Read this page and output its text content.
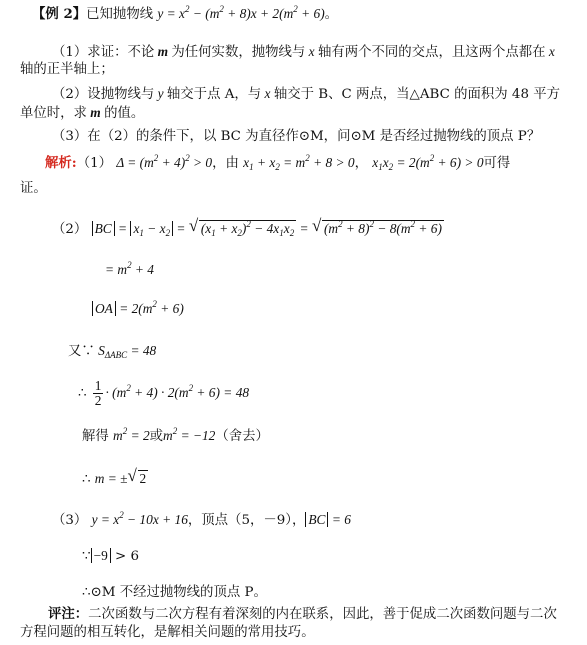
【例 2】已知抛物线 $y = x^2 - (m^2 + 8)x + 2(m^2 + 6)$。
（1）求证：不论 m 为任何实数，抛物线与 x 轴有两个不同的交点，且这两个点都在 x
轴的正半轴上；
（2）设抛物线与 y 轴交于点 A，与 x 轴交于 B、C 两点，当△ABC 的面积为 48 平方
单位时，求 m 的值。
（3）在（2）的条件下，以 BC 为直径作⊙M，问⊙M 是否经过抛物线的顶点 P？
解析:（1） $\Delta = (m^2 + 4)^2 > 0$，由 $x_1 + x_2 = m^2 + 8 > 0$， $x_1x_2 = 2(m^2 + 6) > 0$可得
证。
（2） BC = $x_1 - x_2$ = √ $(x_1 + x_2)^2 - 4x_1x_2$ = √ $(m^2 + 8)^2 - 8(m^2 + 6)$
= $m^2 + 4$
OA = $2(m^2 + 6)$
又∵ $S_{\Delta ABC} = 48$
∴ $\frac{1}{2} \cdot (m^2 + 4) \cdot 2(m^2 + 6) = 48$
解得 $m^2 = 2$或$m^2 = -12$（舍去）
∴ m = ± √ 2
（3） $y = x^2 - 10x + 16$，顶点（5，－9）， BC = 6
∵ −9 > 6
∴⊙M 不经过抛物线的顶点 P。
评注：二次函数与二次方程有着深刻的内在联系，因此，善于促成二次函数问题与二次
方程问题的相互转化，是解相关问题的常用技巧。
